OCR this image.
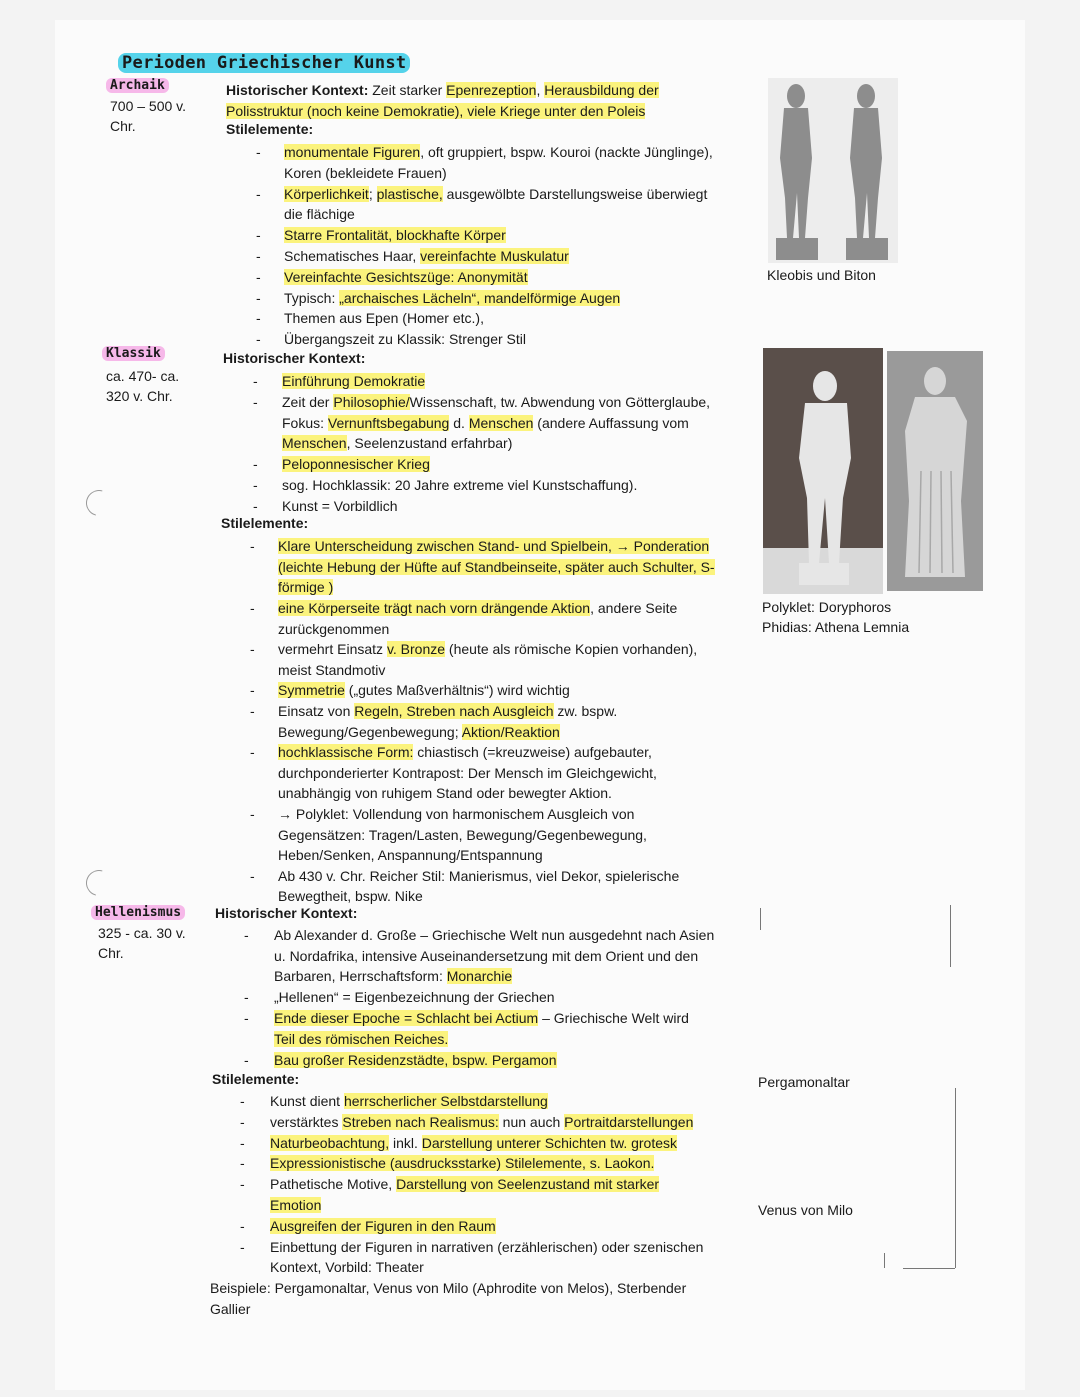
Perioden Griechischer Kunst
Archaik
700 – 500 v.
Chr.
Historischer Kontext: Zeit starker Epenrezeption, Herausbildung der
Polisstruktur (noch keine Demokratie), viele Kriege unter den Poleis
Stilelemente:
- monumentale Figuren, oft gruppiert, bspw. Kouroi (nackte Jünglinge),
Koren (bekleidete Frauen)
- Körperlichkeit; plastische, ausgewölbte Darstellungsweise überwiegt
die flächige
- Starre Frontalität, blockhafte Körper
- Schematisches Haar, vereinfachte Muskulatur
- Vereinfachte Gesichtszüge: Anonymität
- Typisch: „archaisches Lächeln“, mandelförmige Augen
- Themen aus Epen (Homer etc.),
- Übergangszeit zu Klassik: Strenger Stil
Kleobis und Biton
Klassik
ca. 470- ca.
320 v. Chr.
Historischer Kontext:
- Einführung Demokratie
- Zeit der Philosophie/Wissenschaft, tw. Abwendung von Götterglaube,
Fokus: Vernunftsbegabung d. Menschen (andere Auffassung vom
Menschen, Seelenzustand erfahrbar)
- Peloponnesischer Krieg
- sog. Hochklassik: 20 Jahre extreme viel Kunstschaffung).
- Kunst = Vorbildlich
Stilelemente:
- Klare Unterscheidung zwischen Stand- und Spielbein, → Ponderation
(leichte Hebung der Hüfte auf Standbeinseite, später auch Schulter, S-
förmige )
- eine Körperseite trägt nach vorn drängende Aktion, andere Seite
zurückgenommen
- vermehrt Einsatz v. Bronze (heute als römische Kopien vorhanden),
meist Standmotiv
- Symmetrie („gutes Maßverhältnis“) wird wichtig
- Einsatz von Regeln, Streben nach Ausgleich zw. bspw.
Bewegung/Gegenbewegung; Aktion/Reaktion
- hochklassische Form: chiastisch (=kreuzweise) aufgebauter,
durchponderierter Kontrapost: Der Mensch im Gleichgewicht,
unabhängig von ruhigem Stand oder bewegter Aktion.
- → Polyklet: Vollendung von harmonischem Ausgleich von
Gegensätzen: Tragen/Lasten, Bewegung/Gegenbewegung,
Heben/Senken, Anspannung/Entspannung
- Ab 430 v. Chr. Reicher Stil: Manierismus, viel Dekor, spielerische
Bewegtheit, bspw. Nike
Polyklet: Doryphoros
Phidias: Athena Lemnia
Hellenismus
325 - ca. 30 v.
Chr.
Historischer Kontext:
- Ab Alexander d. Große – Griechische Welt nun ausgedehnt nach Asien
u. Nordafrika, intensive Auseinandersetzung mit dem Orient und den
Barbaren, Herrschaftsform: Monarchie
- „Hellenen“ = Eigenbezeichnung der Griechen
- Ende dieser Epoche = Schlacht bei Actium – Griechische Welt wird
Teil des römischen Reiches.
- Bau großer Residenzstädte, bspw. Pergamon
Stilelemente:
- Kunst dient herrscherlicher Selbstdarstellung
- verstärktes Streben nach Realismus: nun auch Portraitdarstellungen
- Naturbeobachtung, inkl. Darstellung unterer Schichten tw. grotesk
- Expressionistische (ausdrucksstarke) Stilelemente, s. Laokon.
- Pathetische Motive, Darstellung von Seelenzustand mit starker
Emotion
- Ausgreifen der Figuren in den Raum
- Einbettung der Figuren in narrativen (erzählerischen) oder szenischen
Kontext, Vorbild: Theater
Beispiele: Pergamonaltar, Venus von Milo (Aphrodite von Melos), Sterbender
Gallier
Pergamonaltar
Venus von Milo
